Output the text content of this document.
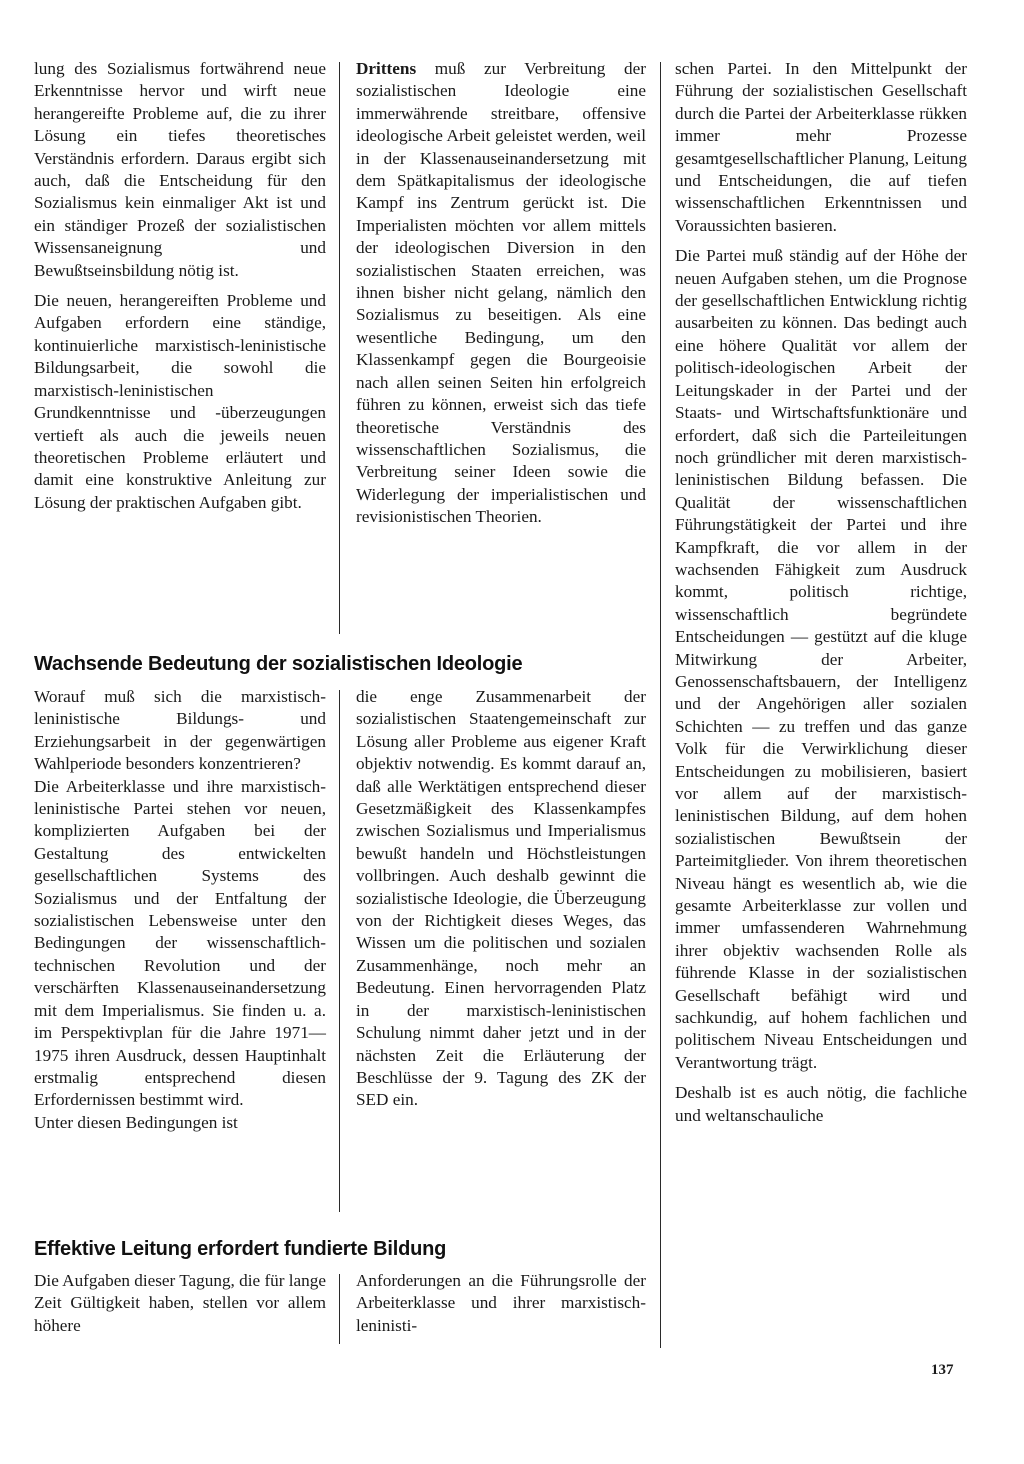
lung des Sozialismus fortwährend neue Erkenntnisse hervor und wirft neue herangereifte Probleme auf, die zu ihrer Lösung ein tiefes theoretisches Verständnis erfordern. Daraus ergibt sich auch, daß die Entscheidung für den Sozialismus kein einmaliger Akt ist und ein ständiger Prozeß der sozialistischen Wissensaneignung und Bewußtseinsbildung nötig ist.

Die neuen, herangereiften Probleme und Aufgaben erfordern eine ständige, kontinuierliche marxistisch-leninistische Bildungsarbeit, die sowohl die marxistisch-leninistischen Grundkenntnisse und -überzeugungen vertieft als auch die jeweils neuen theoretischen Probleme erläutert und damit eine konstruktive Anleitung zur Lösung der praktischen Aufgaben gibt.

Drittens muß zur Verbreitung der sozialistischen Ideologie eine immerwährende streitbare, offensive ideologische Arbeit geleistet werden, weil in der Klassenauseinandersetzung mit dem Spätkapitalismus der ideologische Kampf ins Zentrum gerückt ist. Die Imperialisten möchten vor allem mittels der ideologischen Diversion in den sozialistischen Staaten erreichen, was ihnen bisher nicht gelang, nämlich den Sozialismus zu beseitigen. Als eine wesentliche Bedingung, um den Klassenkampf gegen die Bourgeoisie nach allen seinen Seiten hin erfolgreich führen zu können, erweist sich das tiefe theoretische Verständnis des wissenschaftlichen Sozialismus, die Verbreitung seiner Ideen sowie die Widerlegung der imperialistischen und revisionistischen Theorien.

Wachsende Bedeutung der sozialistischen Ideologie

Worauf muß sich die marxistisch-leninistische Bildungs- und Erziehungsarbeit in der gegenwärtigen Wahlperiode besonders konzentrieren?

Die Arbeiterklasse und ihre marxistisch-leninistische Partei stehen vor neuen, komplizierten Aufgaben bei der Gestaltung des entwickelten gesellschaftlichen Systems des Sozialismus und der Entfaltung der sozialistischen Lebensweise unter den Bedingungen der wissenschaftlich-technischen Revolution und der verschärften Klassenauseinandersetzung mit dem Imperialismus. Sie finden u. a. im Perspektivplan für die Jahre 1971—1975 ihren Ausdruck, dessen Hauptinhalt erstmalig entsprechend diesen Erfordernissen bestimmt wird.

Unter diesen Bedingungen ist

die enge Zusammenarbeit der sozialistischen Staatengemeinschaft zur Lösung aller Probleme aus eigener Kraft objektiv notwendig. Es kommt darauf an, daß alle Werktätigen entsprechend dieser Gesetzmäßigkeit des Klassenkampfes zwischen Sozialismus und Imperialismus bewußt handeln und Höchstleistungen vollbringen. Auch deshalb gewinnt die sozialistische Ideologie, die Überzeugung von der Richtigkeit dieses Weges, das Wissen um die politischen und sozialen Zusammenhänge, noch mehr an Bedeutung. Einen hervorragenden Platz in der marxistisch-leninistischen Schulung nimmt daher jetzt und in der nächsten Zeit die Erläuterung der Beschlüsse der 9. Tagung des ZK der SED ein.

Effektive Leitung erfordert fundierte Bildung

Die Aufgaben dieser Tagung, die für lange Zeit Gültigkeit haben, stellen vor allem höhere

Anforderungen an die Führungsrolle der Arbeiterklasse und ihrer marxistisch-leninisti-

schen Partei. In den Mittelpunkt der Führung der sozialistischen Gesellschaft durch die Partei der Arbeiterklasse rükken immer mehr Prozesse gesamtgesellschaftlicher Planung, Leitung und Entscheidungen, die auf tiefen wissenschaftlichen Erkenntnissen und Voraussichten basieren.

Die Partei muß ständig auf der Höhe der neuen Aufgaben stehen, um die Prognose der gesellschaftlichen Entwicklung richtig ausarbeiten zu können. Das bedingt auch eine höhere Qualität vor allem der politisch-ideologischen Arbeit der Leitungskader in der Partei und der Staats- und Wirtschaftsfunktionäre und erfordert, daß sich die Parteileitungen noch gründlicher mit deren marxistisch-leninistischen Bildung befassen. Die Qualität der wissenschaftlichen Führungstätigkeit der Partei und ihre Kampfkraft, die vor allem in der wachsenden Fähigkeit zum Ausdruck kommt, politisch richtige, wissenschaftlich begründete Entscheidungen — gestützt auf die kluge Mitwirkung der Arbeiter, Genossenschaftsbauern, der Intelligenz und der Angehörigen aller sozialen Schichten — zu treffen und das ganze Volk für die Verwirklichung dieser Entscheidungen zu mobilisieren, basiert vor allem auf der marxistisch-leninistischen Bildung, auf dem hohen sozialistischen Bewußtsein der Parteimitglieder. Von ihrem theoretischen Niveau hängt es wesentlich ab, wie die gesamte Arbeiterklasse zur vollen und immer umfassenderen Wahrnehmung ihrer objektiv wachsenden Rolle als führende Klasse in der sozialistischen Gesellschaft befähigt wird und sachkundig, auf hohem fachlichen und politischem Niveau Entscheidungen und Verantwortung trägt.

Deshalb ist es auch nötig, die fachliche und weltanschauliche

137
